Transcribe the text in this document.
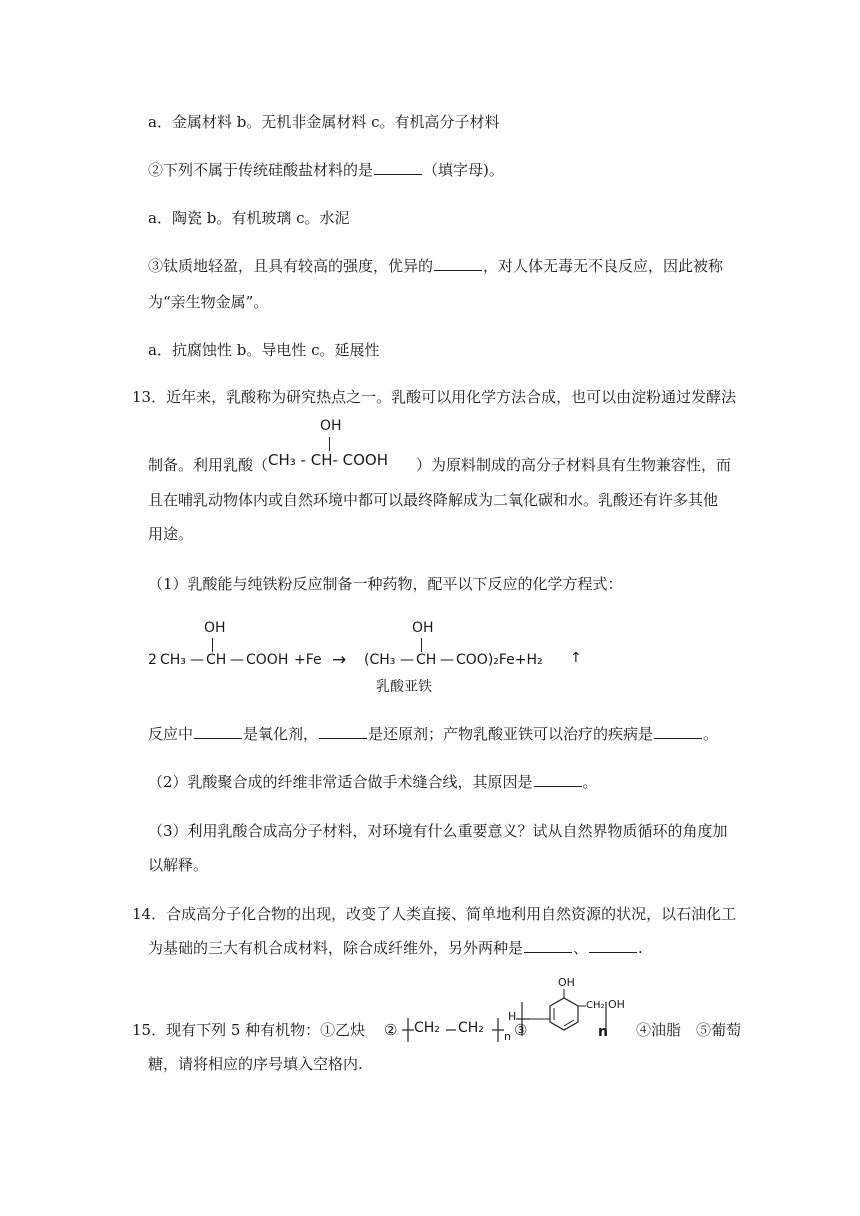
a．金属材料 b。无机非金属材料 c。有机高分子材料
②下列不属于传统硅酸盐材料的是	（填字母)。
a．陶瓷 b。有机玻璃 c。水泥
③钛质地轻盈，且具有较高的强度，优异的	，对人体无毒无不良反应，因此被称
为“亲生物金属”。
a．抗腐蚀性 b。导电性 c。延展性
13．近年来，乳酸称为研究热点之一。乳酸可以用化学方法合成，也可以由淀粉通过发酵法
制备。利用乳酸（
OH
CH₃ - CH- COOH ）为原料制成的高分子材料具有生物兼容性，而
且在哺乳动物体内或自然环境中都可以最终降解成为二氧化碳和水。乳酸还有许多其他
用途。
（1）乳酸能与纯铁粉反应制备一种药物，配平以下反应的化学方程式：
2 CH₃ — CH — COOH
OH
+Fe → (CH₃ — CH — COO)₂Fe+H₂ ↑
OH
乳酸亚铁
反应中	是氧化剂，	是还原剂；产物乳酸亚铁可以治疗的疾病是	。
（2）乳酸聚合成的纤维非常适合做手术缝合线，其原因是	。
（3）利用乳酸合成高分子材料，对环境有什么重要意义？试从自然界物质循环的角度加
以解释。
14．合成高分子化合物的出现，改变了人类直接、简单地利用自然资源的状况，以石油化工
为基础的三大有机合成材料，除合成纤维外，另外两种是	、	.
15．现有下列 5 种有机物：①乙炔 ② CH₂ CH₂
n ③
H
OH
CH₂
n
OH
④油脂 ⑤葡萄
糖，请将相应的序号填入空格内.
